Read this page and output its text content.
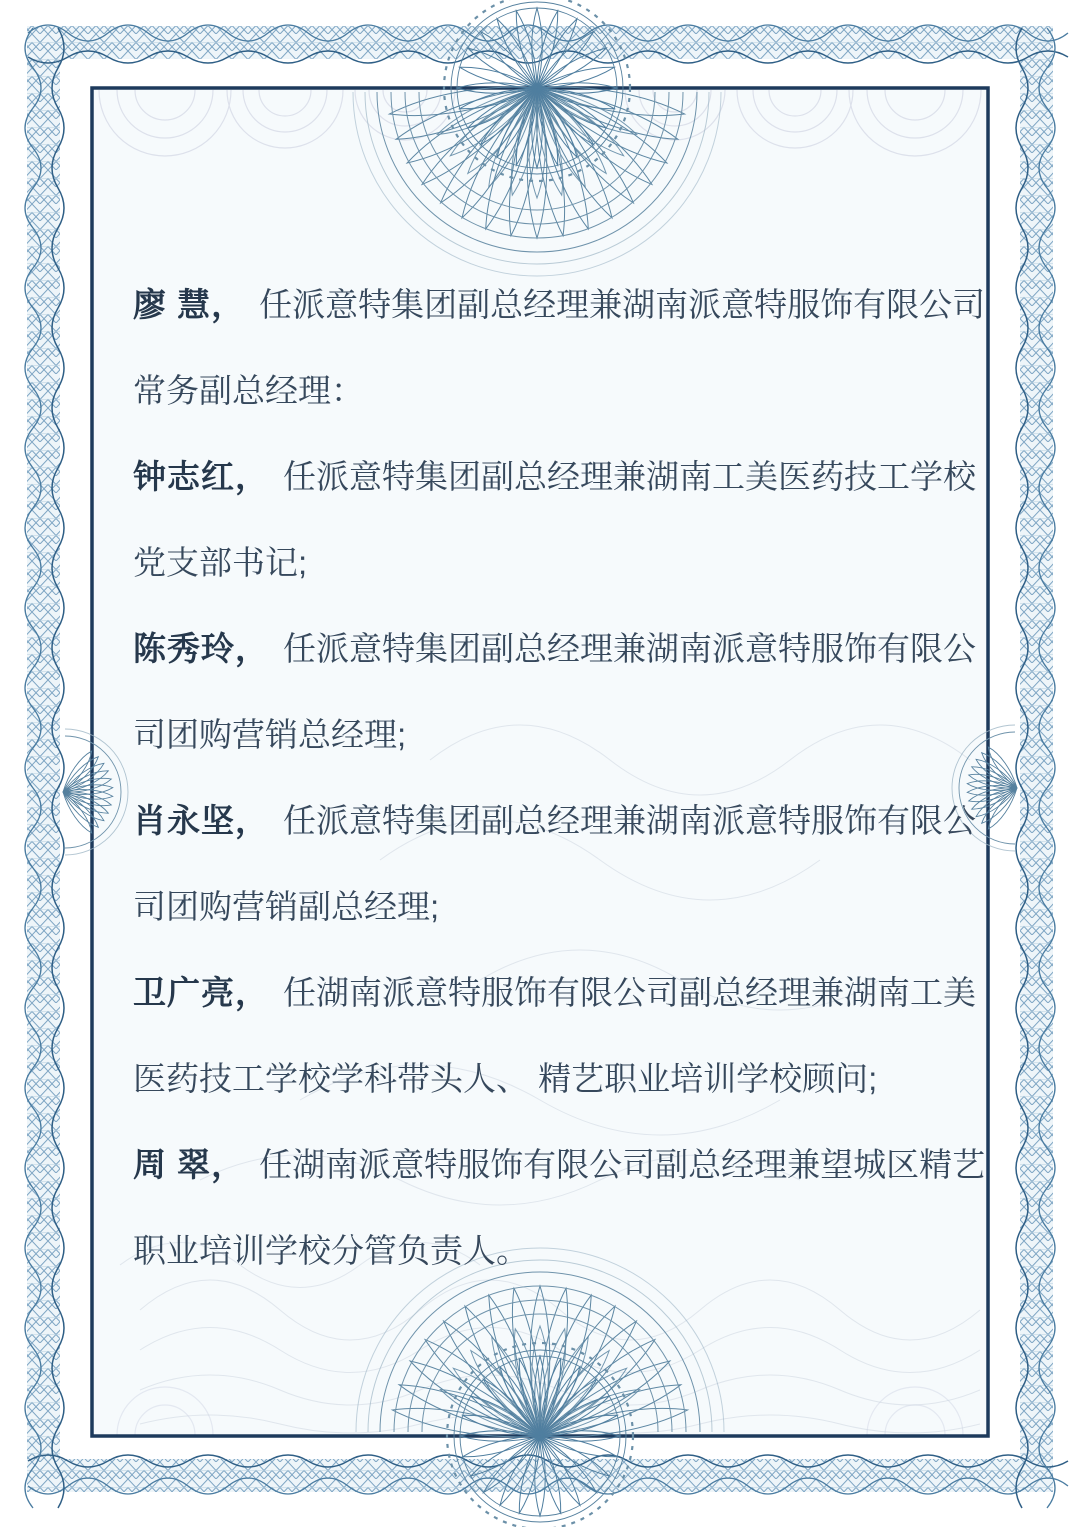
廖 慧， 任派意特集团副总经理兼湖南派意特服饰有限公司
常务副总经理：
钟志红， 任派意特集团副总经理兼湖南工美医药技工学校
党支部书记;
陈秀玲， 任派意特集团副总经理兼湖南派意特服饰有限公
司团购营销总经理;
肖永坚， 任派意特集团副总经理兼湖南派意特服饰有限公
司团购营销副总经理;
卫广亮， 任湖南派意特服饰有限公司副总经理兼湖南工美
医药技工学校学科带头人、 精艺职业培训学校顾问;
周 翠， 任湖南派意特服饰有限公司副总经理兼望城区精艺
职业培训学校分管负责人。
